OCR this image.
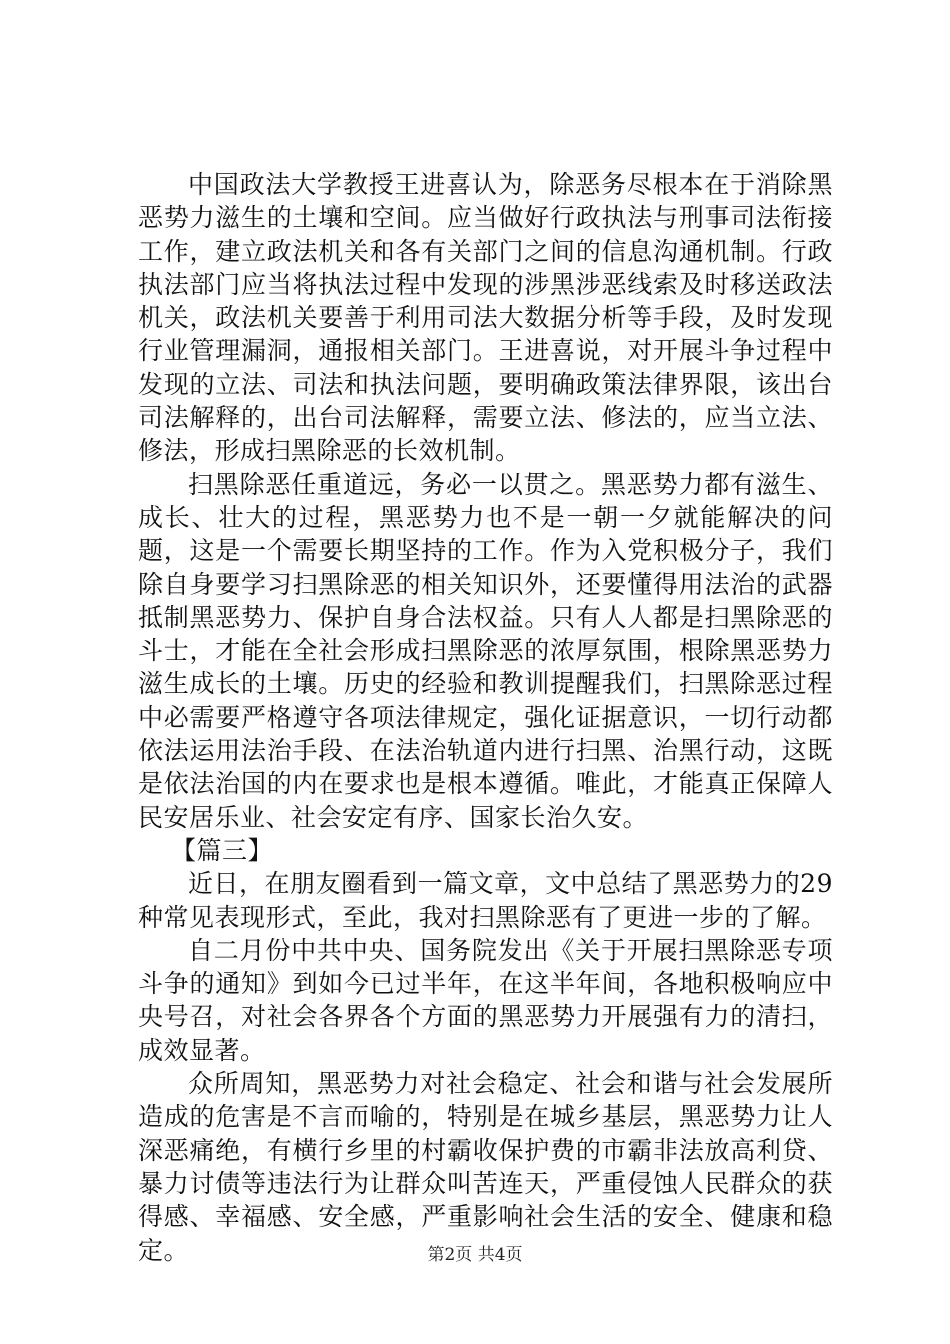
中国政法大学教授王进喜认为，除恶务尽根本在于消除黑恶势力滋生的土壤和空间。应当做好行政执法与刑事司法衔接工作，建立政法机关和各有关部门之间的信息沟通机制。行政执法部门应当将执法过程中发现的涉黑涉恶线索及时移送政法机关，政法机关要善于利用司法大数据分析等手段，及时发现行业管理漏洞，通报相关部门。王进喜说，对开展斗争过程中发现的立法、司法和执法问题，要明确政策法律界限，该出台司法解释的，出台司法解释，需要立法、修法的，应当立法、修法，形成扫黑除恶的长效机制。

扫黑除恶任重道远，务必一以贯之。黑恶势力都有滋生、成长、壮大的过程，黑恶势力也不是一朝一夕就能解决的问题，这是一个需要长期坚持的工作。作为入党积极分子，我们除自身要学习扫黑除恶的相关知识外，还要懂得用法治的武器抵制黑恶势力、保护自身合法权益。只有人人都是扫黑除恶的斗士，才能在全社会形成扫黑除恶的浓厚氛围，根除黑恶势力滋生成长的土壤。历史的经验和教训提醒我们，扫黑除恶过程中必需要严格遵守各项法律规定，强化证据意识，一切行动都依法运用法治手段、在法治轨道内进行扫黑、治黑行动，这既是依法治国的内在要求也是根本遵循。唯此，才能真正保障人民安居乐业、社会安定有序、国家长治久安。

【篇三】

近日，在朋友圈看到一篇文章，文中总结了黑恶势力的29种常见表现形式，至此，我对扫黑除恶有了更进一步的了解。

自二月份中共中央、国务院发出《关于开展扫黑除恶专项斗争的通知》到如今已过半年，在这半年间，各地积极响应中央号召，对社会各界各个方面的黑恶势力开展强有力的清扫，成效显著。

众所周知，黑恶势力对社会稳定、社会和谐与社会发展所造成的危害是不言而喻的，特别是在城乡基层，黑恶势力让人深恶痛绝，有横行乡里的村霸收保护费的市霸非法放高利贷、暴力讨债等违法行为让群众叫苦连天，严重侵蚀人民群众的获得感、幸福感、安全感，严重影响社会生活的安全、健康和稳定。	第2页 共4页
